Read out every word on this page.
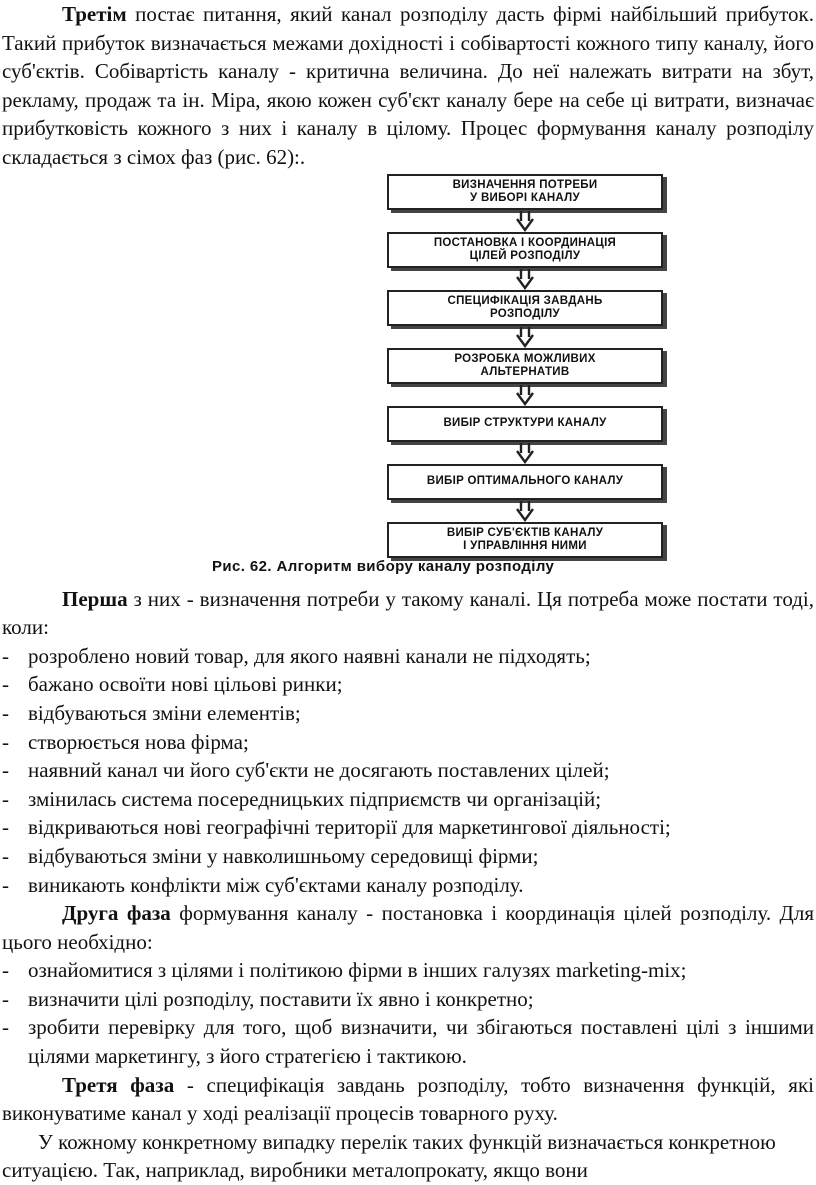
Третім постає питання, який канал розподілу дасть фірмі найбільший прибуток. Такий прибуток визначається межами дохідності і собівартості кожного типу каналу, його суб'єктів. Собівартість каналу - критична величина. До неї належать витрати на збут, рекламу, продаж та ін. Міра, якою кожен суб'єкт каналу бере на себе ці витрати, визначає прибутковість кожного з них і каналу в цілому. Процес формування каналу розподілу складається з сімох фаз (рис. 62):.

ВИЗНАЧЕННЯ ПОТРЕБИ
У ВИБОРІ КАНАЛУ
ПОСТАНОВКА І КООРДИНАЦІЯ
ЦІЛЕЙ РОЗПОДІЛУ
СПЕЦИФІКАЦІЯ ЗАВДАНЬ
РОЗПОДІЛУ
РОЗРОБКА МОЖЛИВИХ
АЛЬТЕРНАТИВ
ВИБІР СТРУКТУРИ КАНАЛУ
ВИБІР ОПТИМАЛЬНОГО КАНАЛУ
ВИБІР СУБ'ЄКТІВ КАНАЛУ
І УПРАВЛІННЯ НИМИ
Рис. 62. Алгоритм вибору каналу розподілу

Перша з них - визначення потреби у такому каналі. Ця потреба може постати тоді, коли:

- розроблено новий товар, для якого наявні канали не підходять;
- бажано освоїти нові цільові ринки;
- відбуваються зміни елементів;
- створюється нова фірма;
- наявний канал чи його суб'єкти не досягають поставлених цілей;
- змінилась система посередницьких підприємств чи організацій;
- відкриваються нові географічні території для маркетингової діяльності;
- відбуваються зміни у навколишньому середовищі фірми;
- виникають конфлікти між суб'єктами каналу розподілу.

Друга фаза формування каналу - постановка і координація цілей розподілу. Для цього необхідно:

- ознайомитися з цілями і політикою фірми в інших галузях marketing-mix;
- визначити цілі розподілу, поставити їх явно і конкретно;
- зробити перевірку для того, щоб визначити, чи збігаються поставлені цілі з іншими цілями маркетингу, з його стратегією і тактикою.

Третя фаза - специфікація завдань розподілу, тобто визначення функцій, які виконуватиме канал у ході реалізації процесів товарного руху.

У кожному конкретному випадку перелік таких функцій визначається конкретною ситуацією. Так, наприклад, виробники металопрокату, якщо вони
